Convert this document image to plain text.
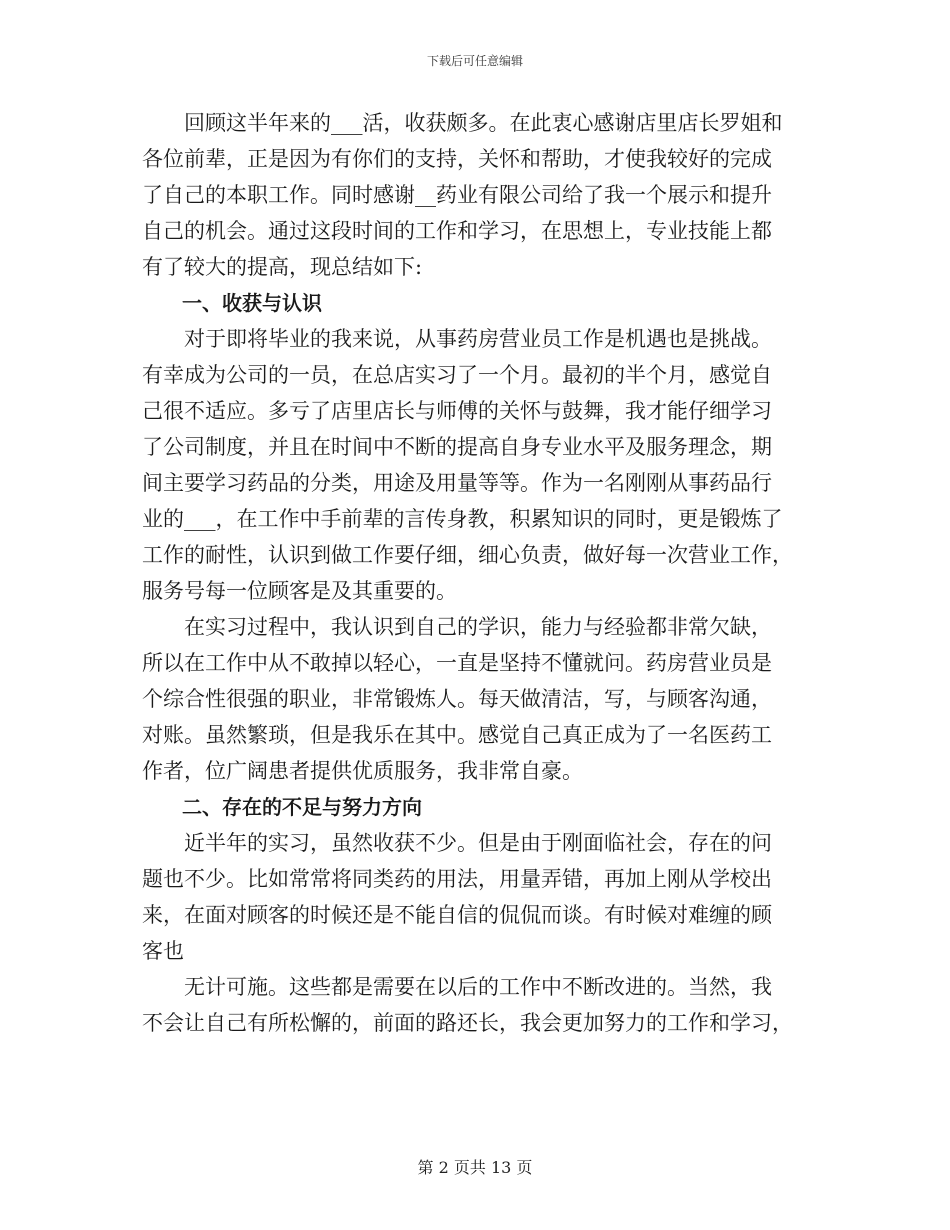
下载后可任意编辑

回顾这半年来的___活，收获颇多。在此衷心感谢店里店长罗姐和
各位前辈，正是因为有你们的支持，关怀和帮助，才使我较好的完成
了自己的本职工作。同时感谢__药业有限公司给了我一个展示和提升
自己的机会。通过这段时间的工作和学习，在思想上，专业技能上都
有了较大的提高，现总结如下:

一、收获与认识

对于即将毕业的我来说，从事药房营业员工作是机遇也是挑战。
有幸成为公司的一员，在总店实习了一个月。最初的半个月，感觉自
己很不适应。多亏了店里店长与师傅的关怀与鼓舞，我才能仔细学习
了公司制度，并且在时间中不断的提高自身专业水平及服务理念，期
间主要学习药品的分类，用途及用量等等。作为一名刚刚从事药品行
业的___，在工作中手前辈的言传身教，积累知识的同时，更是锻炼了
工作的耐性，认识到做工作要仔细，细心负责，做好每一次营业工作，
服务号每一位顾客是及其重要的。

在实习过程中，我认识到自己的学识，能力与经验都非常欠缺，
所以在工作中从不敢掉以轻心，一直是坚持不懂就问。药房营业员是
个综合性很强的职业，非常锻炼人。每天做清洁，写，与顾客沟通，
对账。虽然繁琐，但是我乐在其中。感觉自己真正成为了一名医药工
作者，位广阔患者提供优质服务，我非常自豪。

二、存在的不足与努力方向

近半年的实习，虽然收获不少。但是由于刚面临社会，存在的问
题也不少。比如常常将同类药的用法，用量弄错，再加上刚从学校出
来，在面对顾客的时候还是不能自信的侃侃而谈。有时候对难缠的顾
客也

无计可施。这些都是需要在以后的工作中不断改进的。当然，我
不会让自己有所松懈的，前面的路还长，我会更加努力的工作和学习，

第 2 页共 13 页
